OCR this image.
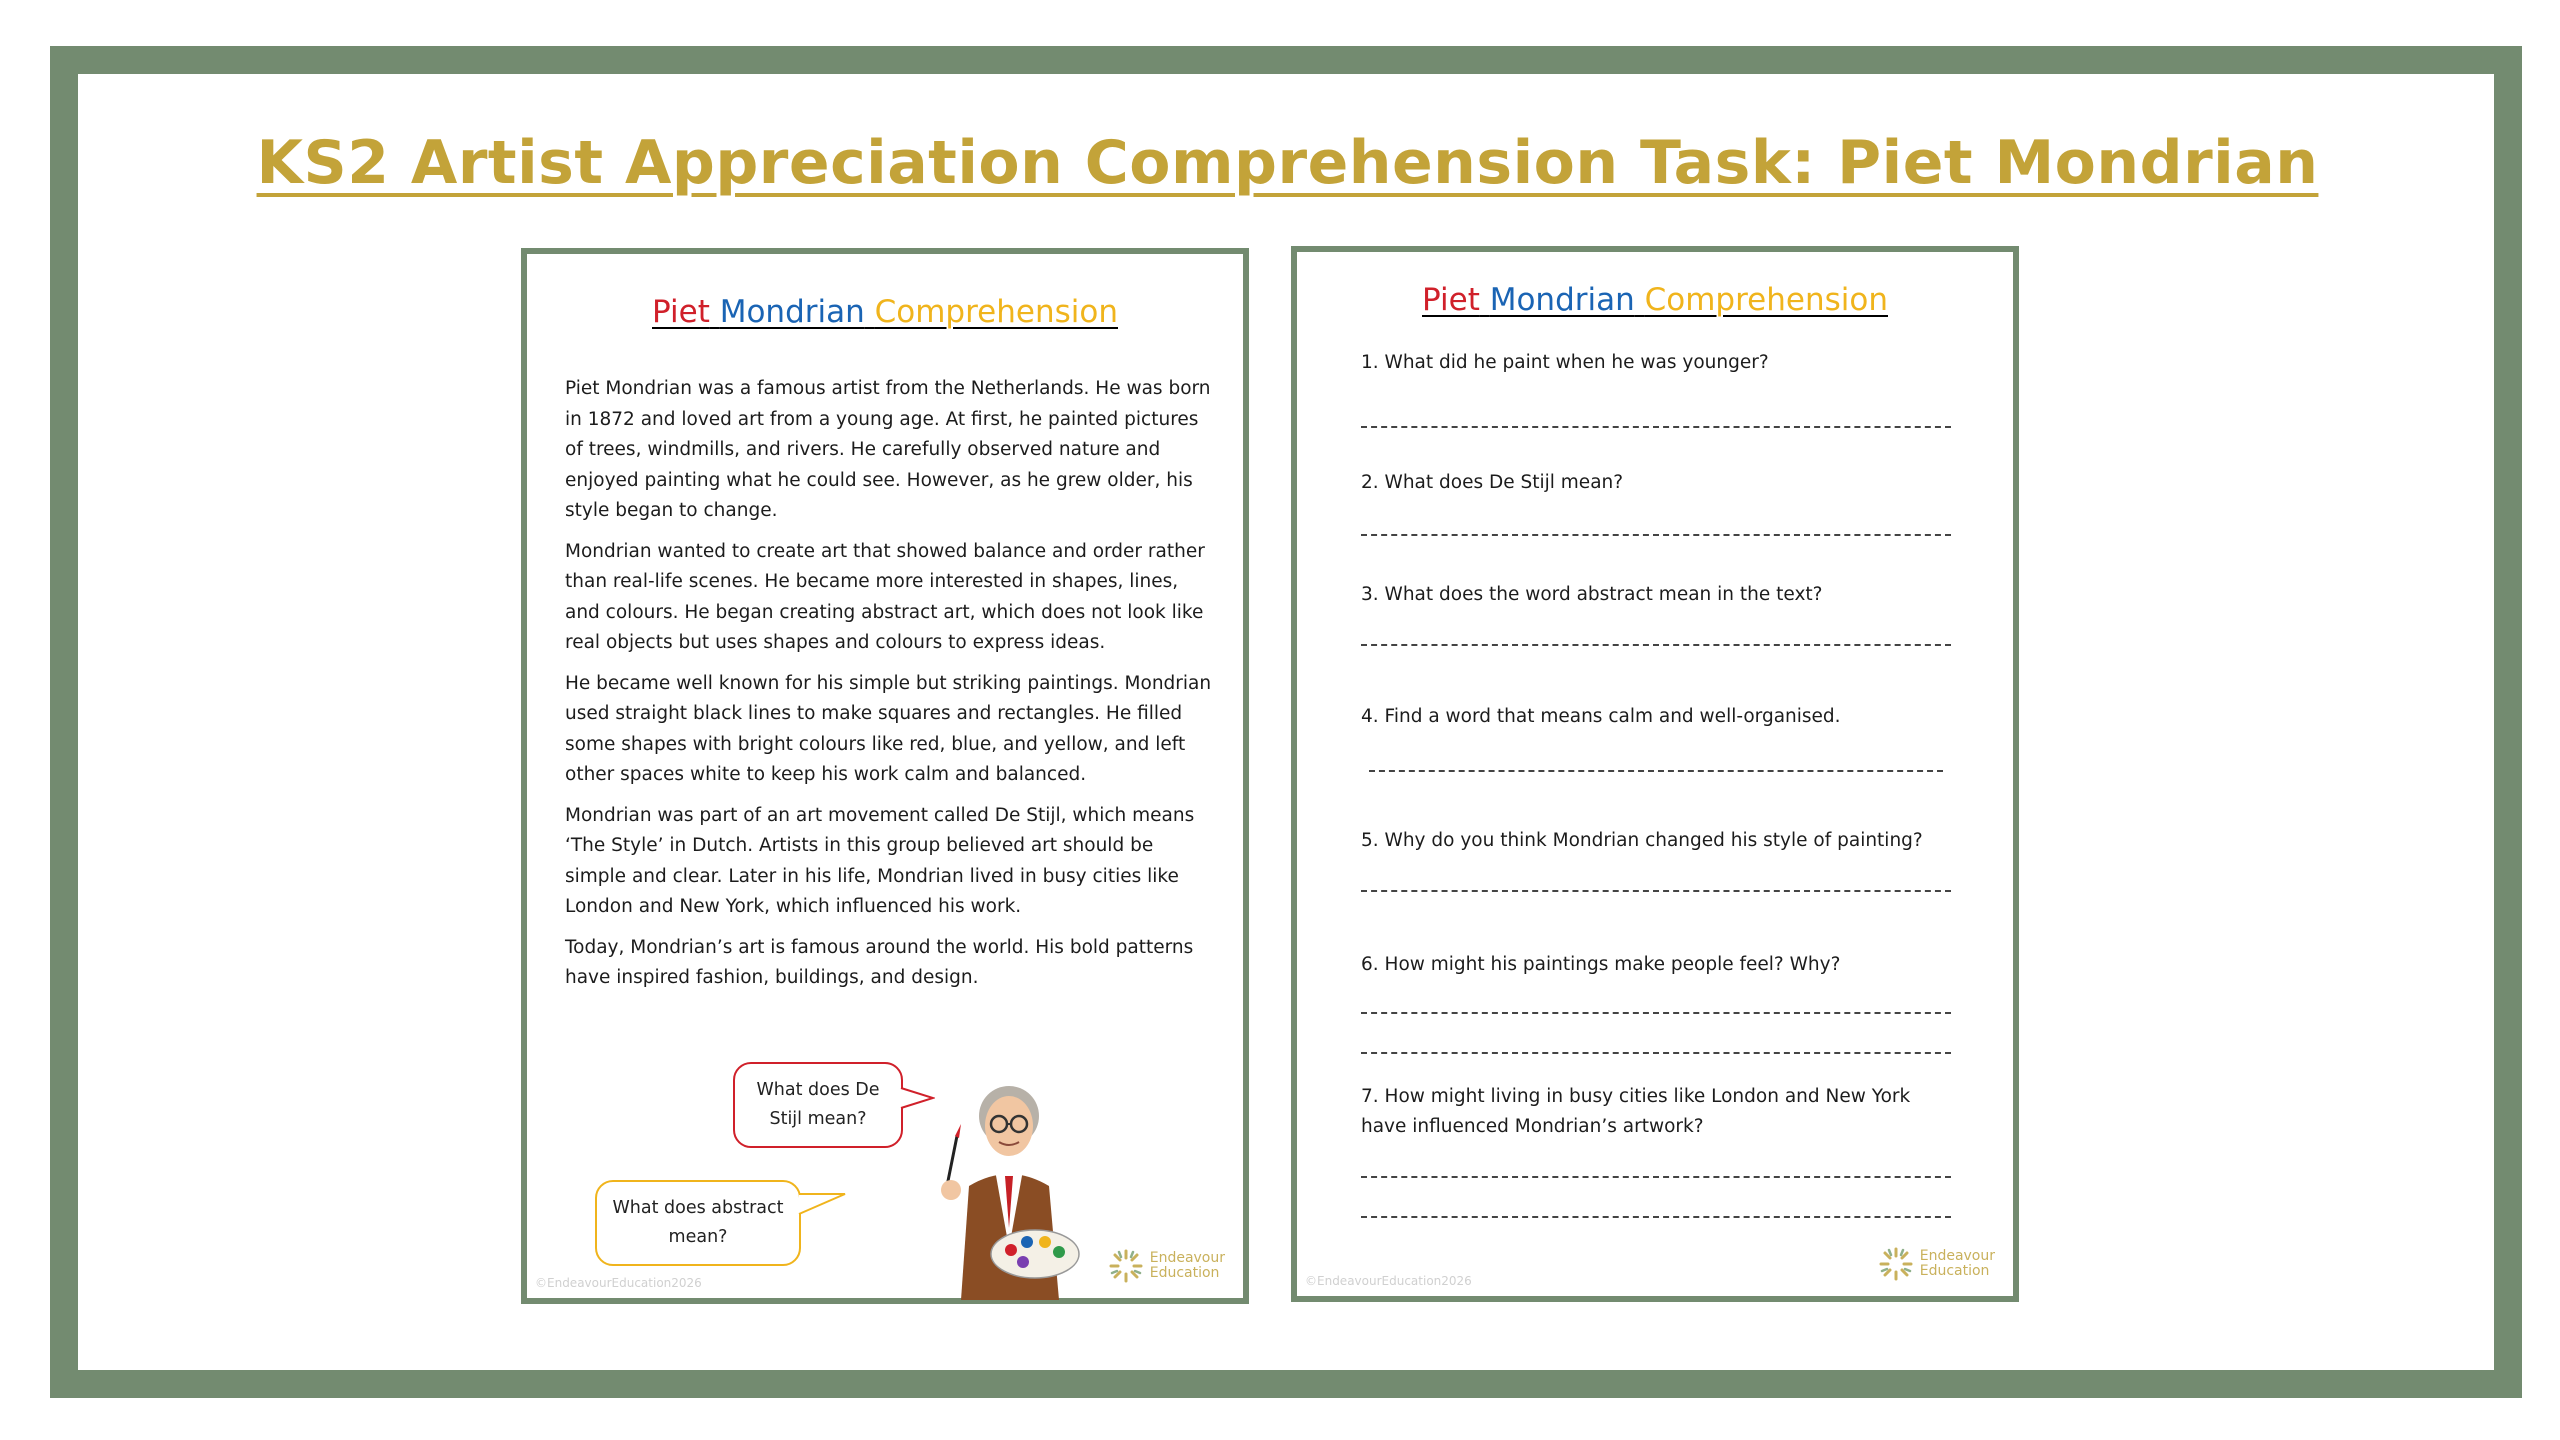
KS2 Artist Appreciation Comprehension Task: Piet Mondrian
Piet Mondrian Comprehension

Piet Mondrian was a famous artist from the Netherlands. He was born in 1872 and loved art from a young age. At first, he painted pictures of trees, windmills, and rivers. He carefully observed nature and enjoyed painting what he could see. However, as he grew older, his style began to change.

Mondrian wanted to create art that showed balance and order rather than real-life scenes. He became more interested in shapes, lines, and colours. He began creating abstract art, which does not look like real objects but uses shapes and colours to express ideas.

He became well known for his simple but striking paintings. Mondrian used straight black lines to make squares and rectangles. He filled some shapes with bright colours like red, blue, and yellow, and left other spaces white to keep his work calm and balanced.

Mondrian was part of an art movement called De Stijl, which means ‘The Style’ in Dutch. Artists in this group believed art should be simple and clear. Later in his life, Mondrian lived in busy cities like London and New York, which influenced his work.

Today, Mondrian’s art is famous around the world. His bold patterns have inspired fashion, buildings, and design.

What does De Stijl mean?
What does abstract mean?
Endeavour
Education
©EndeavourEducation2026
Piet Mondrian Comprehension
1. What did he paint when he was younger?
2. What does De Stijl mean?
3. What does the word abstract mean in the text?
4. Find a word that means calm and well-organised.
5. Why do you think Mondrian changed his style of painting?
6. How might his paintings make people feel? Why?
7. How might living in busy cities like London and New York have influenced Mondrian’s artwork?
Endeavour
Education
©EndeavourEducation2026
